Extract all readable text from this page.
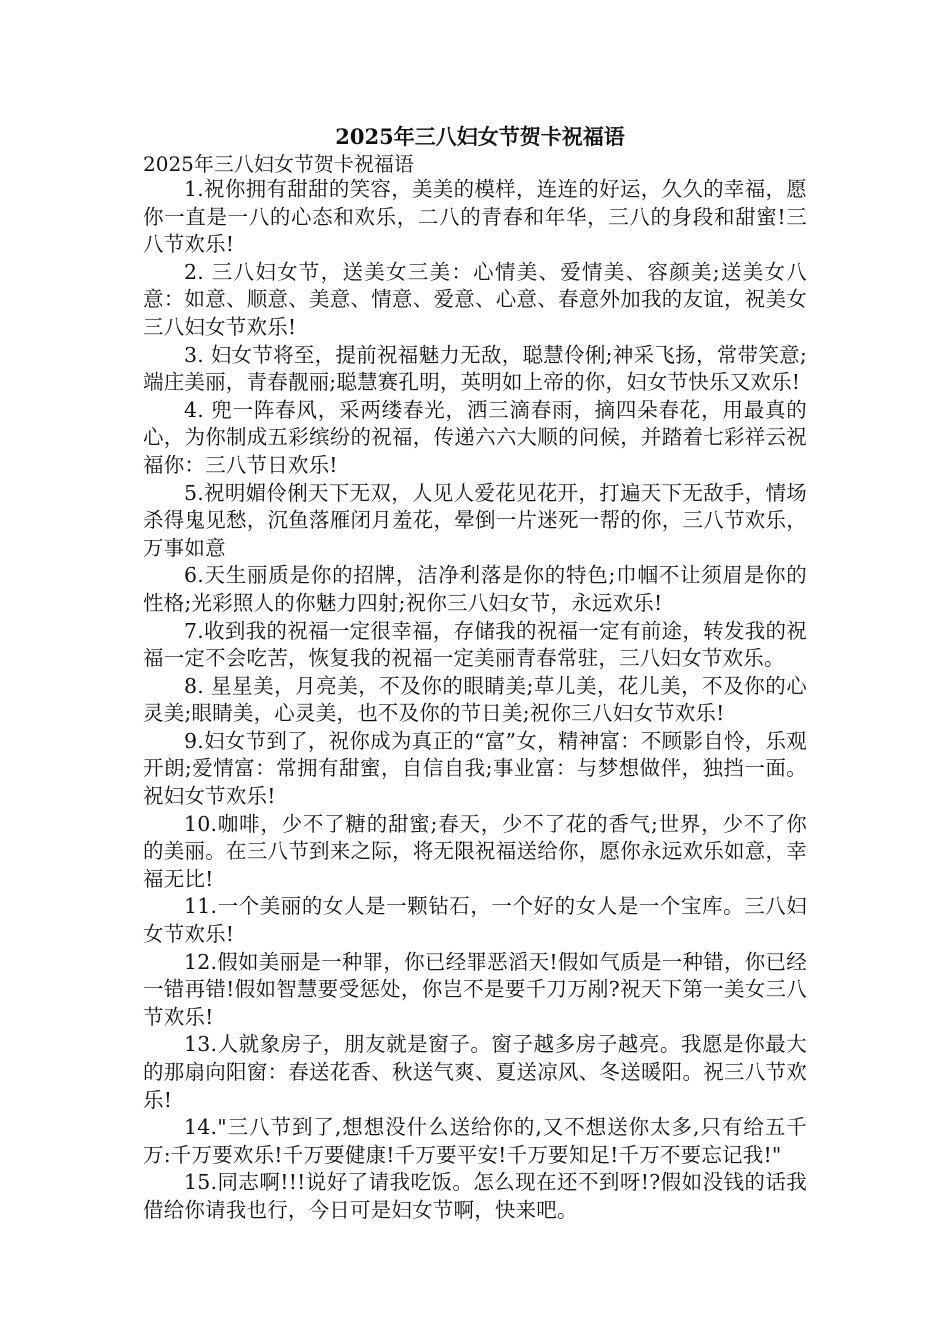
2025年三八妇女节贺卡祝福语

2025年三八妇女节贺卡祝福语

1.祝你拥有甜甜的笑容，美美的模样，连连的好运，久久的幸福，愿你一直是一八的心态和欢乐，二八的青春和年华，三八的身段和甜蜜!三八节欢乐!

2. 三八妇女节，送美女三美：心情美、爱情美、容颜美;送美女八意：如意、顺意、美意、情意、爱意、心意、春意外加我的友谊，祝美女三八妇女节欢乐!

3. 妇女节将至，提前祝福魅力无敌，聪慧伶俐;神采飞扬，常带笑意;端庄美丽，青春靓丽;聪慧赛孔明，英明如上帝的你，妇女节快乐又欢乐!

4. 兜一阵春风，采两缕春光，洒三滴春雨，摘四朵春花，用最真的心，为你制成五彩缤纷的祝福，传递六六大顺的问候，并踏着七彩祥云祝福你：三八节日欢乐!

5.祝明媚伶俐天下无双，人见人爱花见花开，打遍天下无敌手，情场杀得鬼见愁，沉鱼落雁闭月羞花，晕倒一片迷死一帮的你，三八节欢乐，万事如意

6.天生丽质是你的招牌，洁净利落是你的特色;巾帼不让须眉是你的性格;光彩照人的你魅力四射;祝你三八妇女节，永远欢乐!

7.收到我的祝福一定很幸福，存储我的祝福一定有前途，转发我的祝福一定不会吃苦，恢复我的祝福一定美丽青春常驻，三八妇女节欢乐。

8. 星星美，月亮美，不及你的眼睛美;草儿美，花儿美，不及你的心灵美;眼睛美，心灵美，也不及你的节日美;祝你三八妇女节欢乐!

9.妇女节到了，祝你成为真正的“富”女，精神富：不顾影自怜，乐观开朗;爱情富：常拥有甜蜜，自信自我;事业富：与梦想做伴，独挡一面。祝妇女节欢乐!

10.咖啡，少不了糖的甜蜜;春天，少不了花的香气;世界，少不了你的美丽。在三八节到来之际，将无限祝福送给你，愿你永远欢乐如意，幸福无比!

11.一个美丽的女人是一颗钻石，一个好的女人是一个宝库。三八妇女节欢乐!

12.假如美丽是一种罪，你已经罪恶滔天!假如气质是一种错，你已经一错再错!假如智慧要受惩处，你岂不是要千刀万剐?祝天下第一美女三八节欢乐!

13.人就象房子，朋友就是窗子。窗子越多房子越亮。我愿是你最大的那扇向阳窗：春送花香、秋送气爽、夏送凉风、冬送暖阳。祝三八节欢乐!

14."三八节到了,想想没什么送给你的,又不想送你太多,只有给五千万:千万要欢乐!千万要健康!千万要平安!千万要知足!千万不要忘记我!"

15.同志啊!!!说好了请我吃饭。怎么现在还不到呀!?假如没钱的话我借给你请我也行，今日可是妇女节啊，快来吧。
